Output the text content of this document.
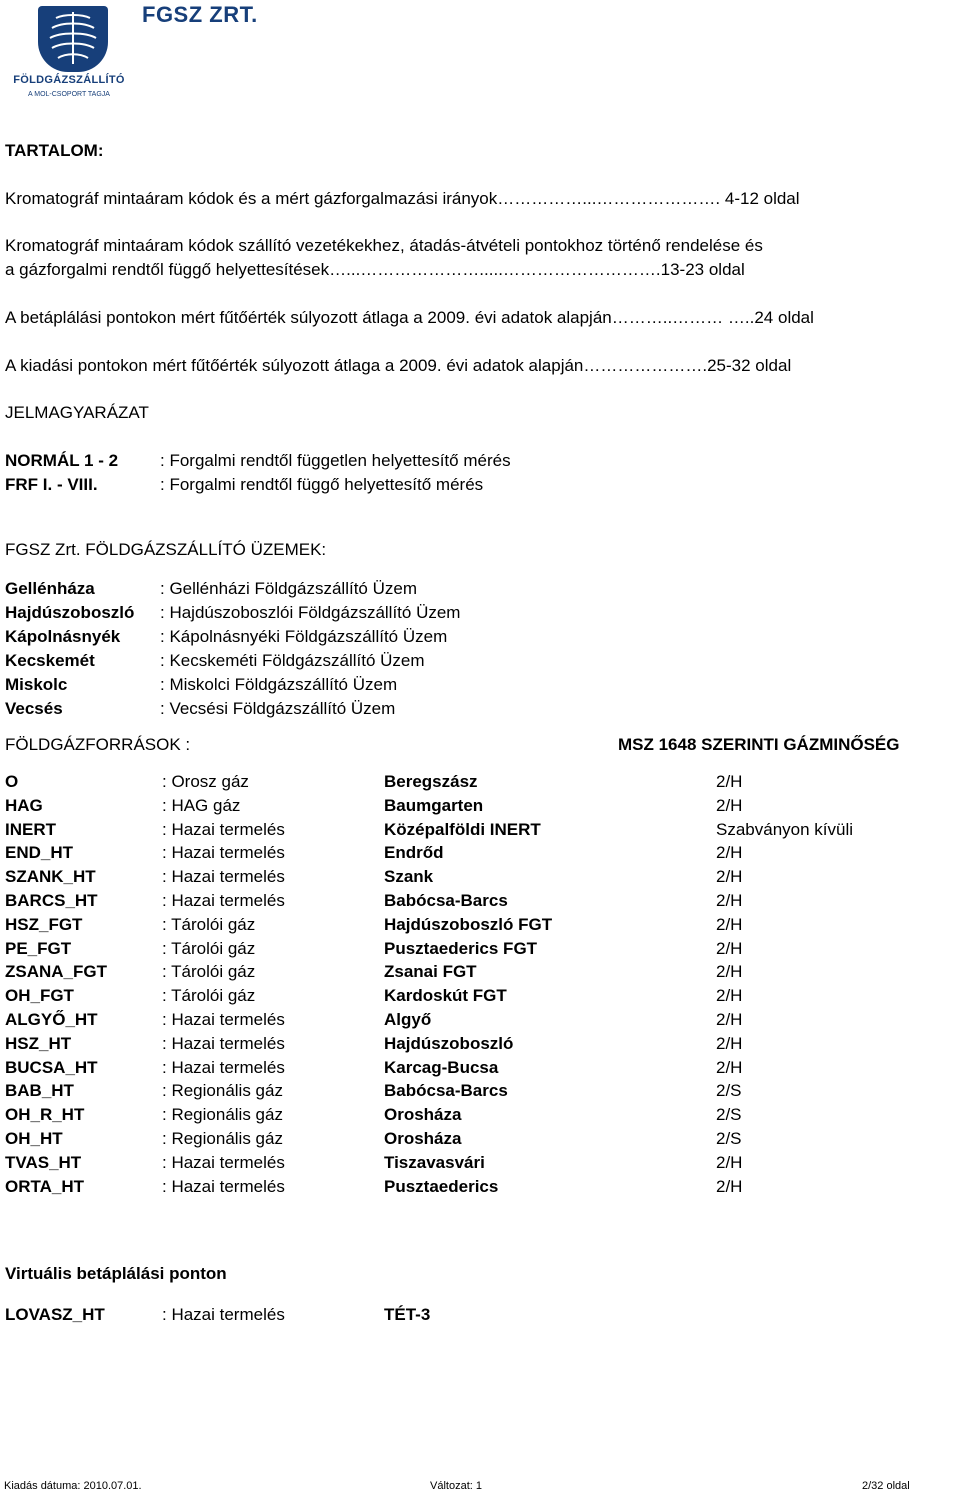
FÖLDGÁZSZÁLLÍTÓ
A MOL-CSOPORT TAGJA
FGSZ ZRT.
TARTALOM:
Kromatográf mintaáram kódok és a mért gázforgalmazási irányok……………...…………………. 4-12 oldal
Kromatográf mintaáram kódok szállító vezetékekhez, átadás-átvételi pontokhoz történő rendelése és
a gázforgalmi rendtől függő helyettesítések…...………………….....……………………….13-23 oldal
A betáplálási pontokon mért fűtőérték súlyozott átlaga a 2009. évi adatok alapján………..……… …..24 oldal
A kiadási pontokon mért fűtőérték súlyozott átlaga a 2009. évi adatok alapján………………….25-32 oldal
JELMAGYARÁZAT
NORMÁL 1 - 2 : Forgalmi rendtől független helyettesítő mérés
FRF I. - VIII.	: Forgalmi rendtől függő helyettesítő mérés
FGSZ Zrt. FÖLDGÁZSZÁLLÍTÓ ÜZEMEK:
Gellénháza	: Gellénházi Földgázszállító Üzem
Hajdúszoboszló : Hajdúszoboszlói Földgázszállító Üzem
Kápolnásnyék : Kápolnásnyéki Földgázszállító Üzem
Kecskemét	: Kecskeméti Földgázszállító Üzem
Miskolc	: Miskolci Földgázszállító Üzem
Vecsés	: Vecsési Földgázszállító Üzem
FÖLDGÁZFORRÁSOK :	MSZ 1648 SZERINTI GÁZMINŐSÉG
O	: Orosz gáz	Beregszász	2/H
HAG	: HAG gáz	Baumgarten	2/H
INERT	: Hazai termelés	Középalföldi INERT	Szabványon kívüli
END_HT	: Hazai termelés	Endrőd	2/H
SZANK_HT	: Hazai termelés	Szank	2/H
BARCS_HT	: Hazai termelés	Babócsa-Barcs	2/H
HSZ_FGT	: Tárolói gáz	Hajdúszoboszló FGT	2/H
PE_FGT	: Tárolói gáz	Pusztaederics FGT	2/H
ZSANA_FGT	: Tárolói gáz	Zsanai FGT	2/H
OH_FGT	: Tárolói gáz	Kardoskút FGT	2/H
ALGYŐ_HT	: Hazai termelés	Algyő	2/H
HSZ_HT	: Hazai termelés	Hajdúszoboszló	2/H
BUCSA_HT	: Hazai termelés	Karcag-Bucsa	2/H
BAB_HT	: Regionális gáz	Babócsa-Barcs	2/S
OH_R_HT	: Regionális gáz	Orosháza	2/S
OH_HT	: Regionális gáz	Orosháza	2/S
TVAS_HT	: Hazai termelés	Tiszavasvári	2/H
ORTA_HT	: Hazai termelés	Pusztaederics	2/H
Virtuális betáplálási ponton
LOVASZ_HT	: Hazai termelés	TÉT-3
Kiadás dátuma: 2010.07.01.	Változat: 1	2/32 oldal
